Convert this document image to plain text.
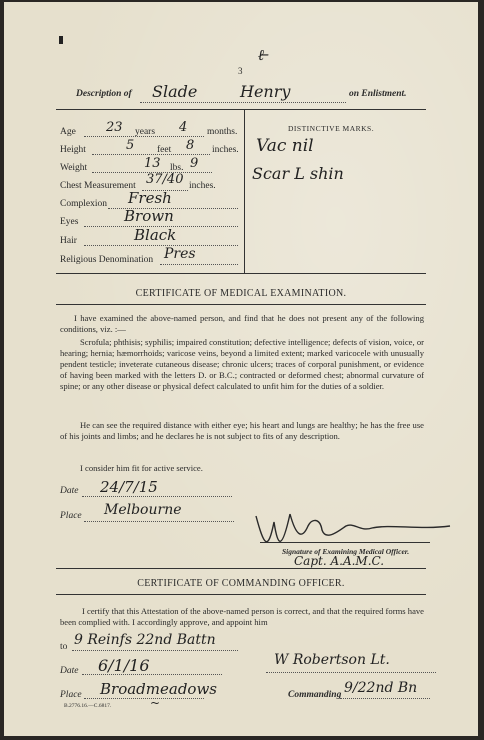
ℓ̶
3
Description of Slade	Henry	on Enlistment.
Age 23 years 4 months.
Height	5 feet 8 inches.
Weight	13 lbs. 9
Chest Measurement 37/40 inches.
Complexion Fresh
Eyes	Brown
Hair	Black
Religious Denomination Pres
DISTINCTIVE MARKS.
Vac nil
Scar L shin
CERTIFICATE OF MEDICAL EXAMINATION.
I have examined the above-named person, and find that he does not present any of the following conditions, viz. :—
Scrofula; phthisis; syphilis; impaired constitution; defective intelligence; defects of vision, voice, or hearing; hernia; hæmorrhoids; varicose veins, beyond a limited extent; marked varicocele with unusually pendent testicle; inveterate cutaneous disease; chronic ulcers; traces of corporal punishment, or evidence of having been marked with the letters D. or B.C.; contracted or deformed chest; abnormal curvature of spine; or any other disease or physical defect calculated to unfit him for the duties of a soldier.
He can see the required distance with either eye; his heart and lungs are healthy; he has the free use of his joints and limbs; and he declares he is not subject to fits of any description.
I consider him fit for active service.
Date 24/7/15
Place Melbourne
Signature of Examining Medical Officer.
Capt. A.A.M.C.
CERTIFICATE OF COMMANDING OFFICER.
I certify that this Attestation of the above-named person is correct, and that the required forms have been complied with. I accordingly approve, and appoint him
to 9 Reinfs 22nd Battn
Date 6/1/16
Place Broadmeadows
W Robertson Lt.
Commanding 9/22nd Bn
B.2776.16.—C.6817.	~
